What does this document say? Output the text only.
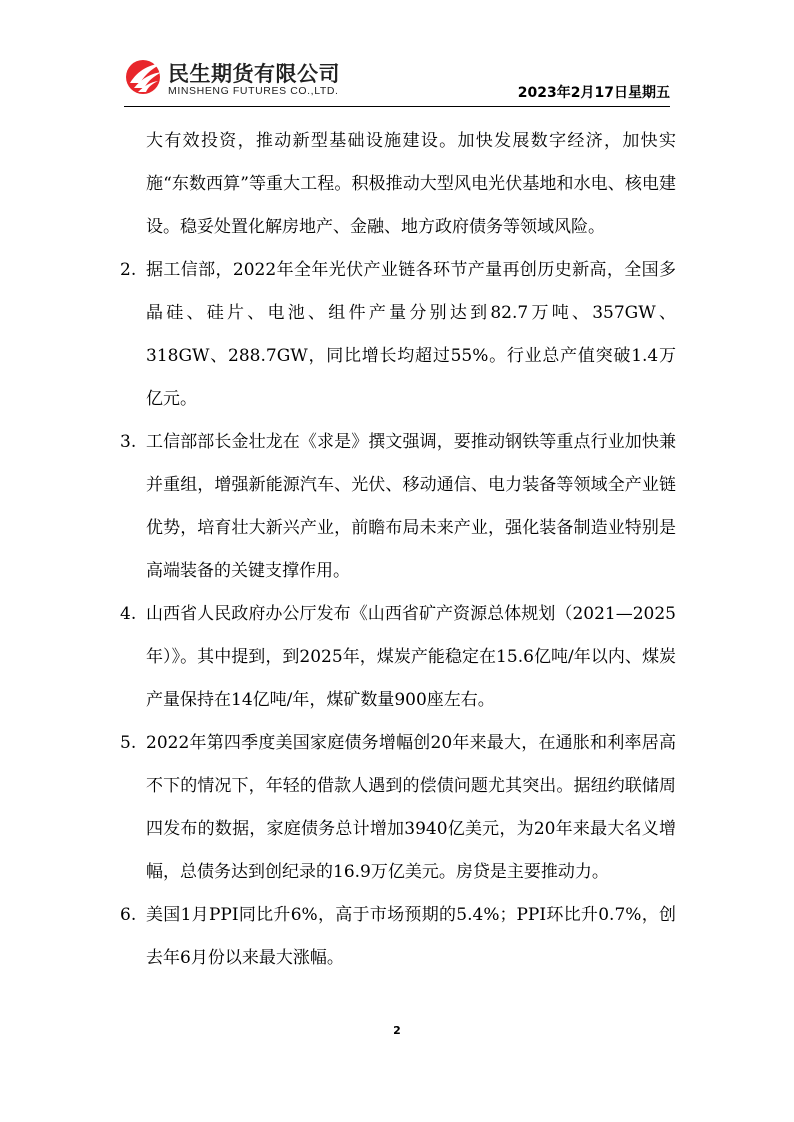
民生期货有限公司
MINSHENG FUTURES CO.,LTD.	2023年2月17日星期五

大有效投资，推动新型基础设施建设。加快发展数字经济，加快实施“东数西算”等重大工程。积极推动大型风电光伏基地和水电、核电建设。稳妥处置化解房地产、金融、地方政府债务等领域风险。

2. 据工信部，2022年全年光伏产业链各环节产量再创历史新高，全国多晶硅、硅片、电池、组件产量分别达到82.7万吨、357GW、318GW、288.7GW，同比增长均超过55%。行业总产值突破1.4万亿元。

3. 工信部部长金壮龙在《求是》撰文强调，要推动钢铁等重点行业加快兼并重组，增强新能源汽车、光伏、移动通信、电力装备等领域全产业链优势，培育壮大新兴产业，前瞻布局未来产业，强化装备制造业特别是高端装备的关键支撑作用。

4. 山西省人民政府办公厅发布《山西省矿产资源总体规划（2021—2025年）》。其中提到，到2025年，煤炭产能稳定在15.6亿吨/年以内、煤炭产量保持在14亿吨/年，煤矿数量900座左右。

5. 2022年第四季度美国家庭债务增幅创20年来最大，在通胀和利率居高不下的情况下，年轻的借款人遇到的偿债问题尤其突出。据纽约联储周四发布的数据，家庭债务总计增加3940亿美元，为20年来最大名义增幅，总债务达到创纪录的16.9万亿美元。房贷是主要推动力。

6. 美国1月PPI同比升6%，高于市场预期的5.4%；PPI环比升0.7%，创去年6月份以来最大涨幅。

2
